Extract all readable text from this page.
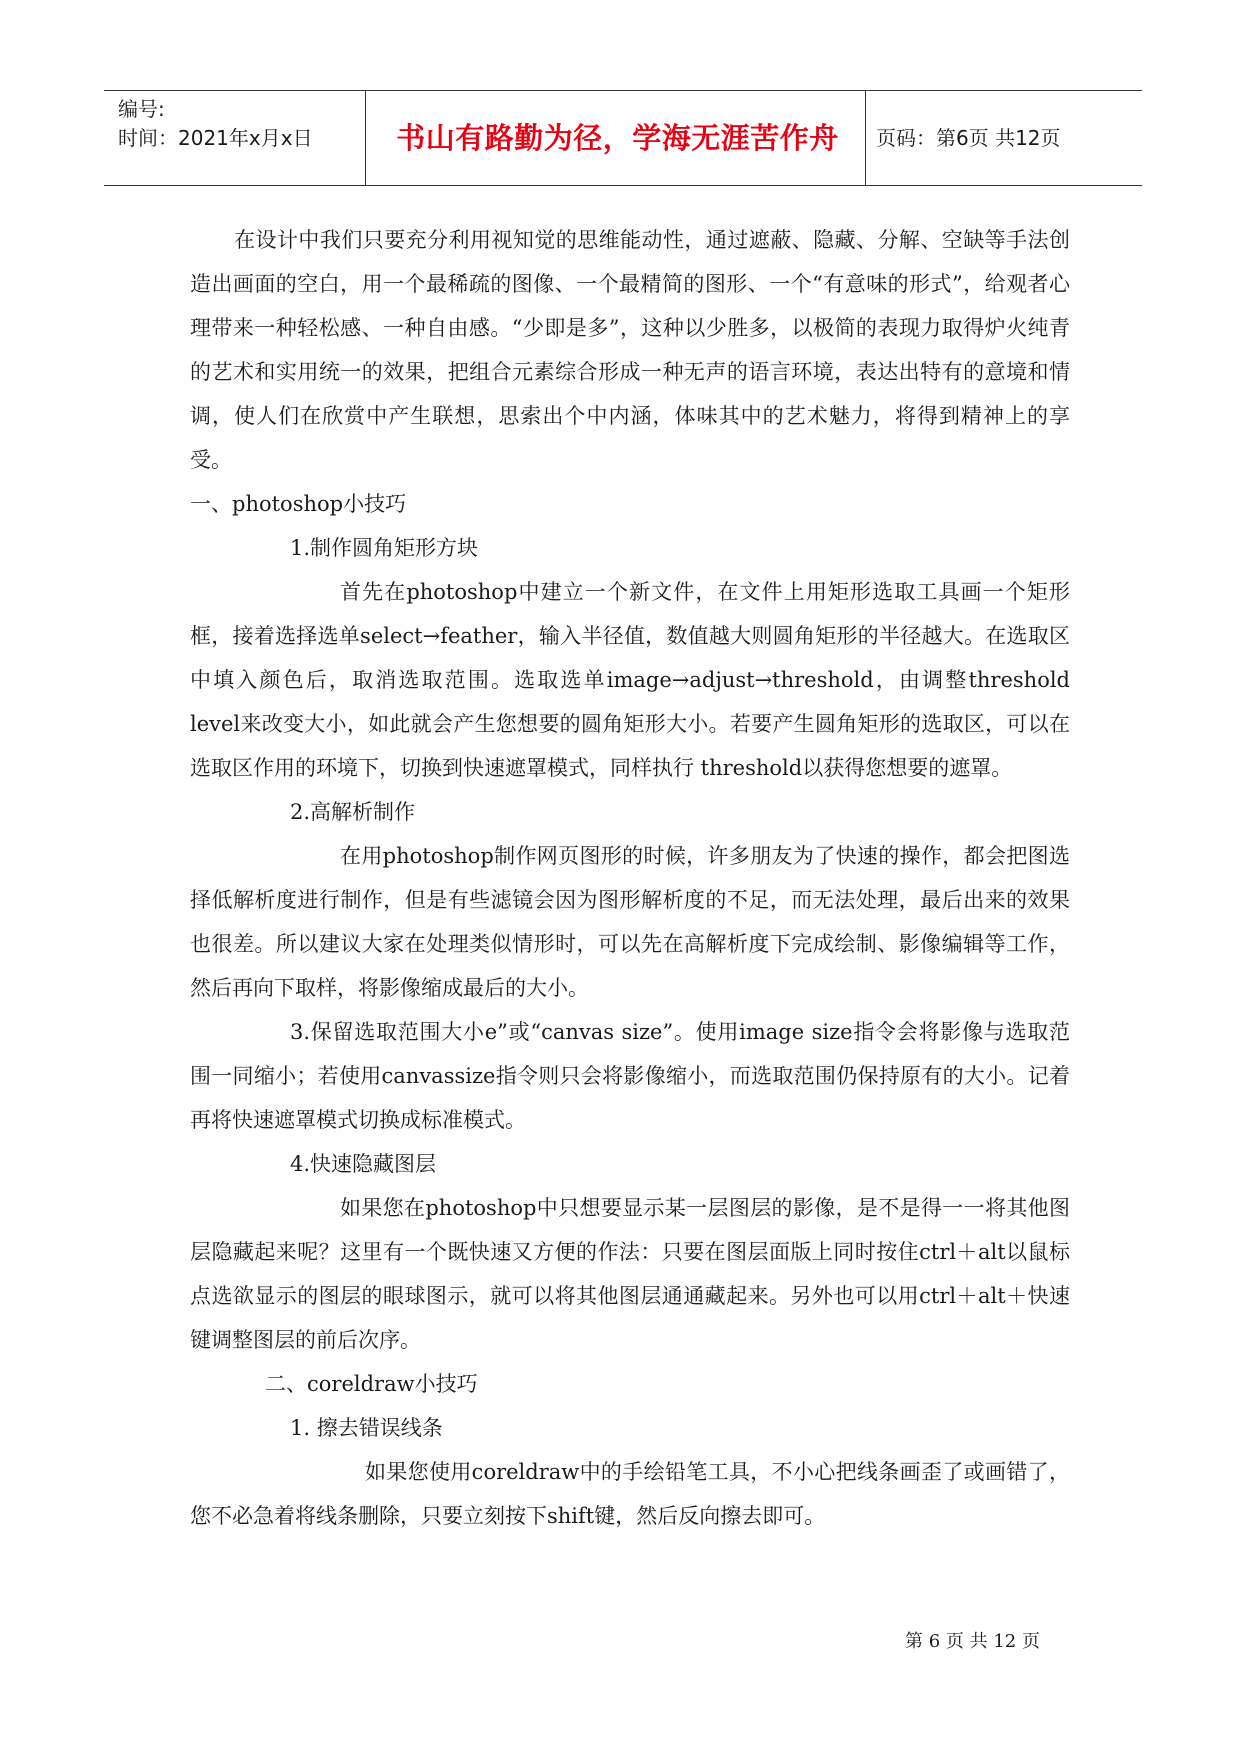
编号:
时间：2021年x月x日	书山有路勤为径，学海无涯苦作舟	页码：第6页 共12页

在设计中我们只要充分利用视知觉的思维能动性，通过遮蔽、隐藏、分解、空缺等手法创造出画面的空白，用一个最稀疏的图像、一个最精简的图形、一个“有意味的形式”，给观者心理带来一种轻松感、一种自由感。“少即是多”，这种以少胜多，以极简的表现力取得炉火纯青的艺术和实用统一的效果，把组合元素综合形成一种无声的语言环境，表达出特有的意境和情调，使人们在欣赏中产生联想，思索出个中内涵，体味其中的艺术魅力，将得到精神上的享受。

一、photoshop小技巧

1.制作圆角矩形方块

首先在photoshop中建立一个新文件，在文件上用矩形选取工具画一个矩形框，接着选择选单select→feather，输入半径值，数值越大则圆角矩形的半径越大。在选取区中填入颜色后，取消选取范围。选取选单image→adjust→threshold，由调整threshold level来改变大小，如此就会产生您想要的圆角矩形大小。若要产生圆角矩形的选取区，可以在选取区作用的环境下，切换到快速遮罩模式，同样执行 threshold以获得您想要的遮罩。

2.高解析制作

在用photoshop制作网页图形的时候，许多朋友为了快速的操作，都会把图选择低解析度进行制作，但是有些滤镜会因为图形解析度的不足，而无法处理，最后出来的效果也很差。所以建议大家在处理类似情形时，可以先在高解析度下完成绘制、影像编辑等工作，然后再向下取样，将影像缩成最后的大小。

3.保留选取范围大小e”或“canvas size”。使用image size指令会将影像与选取范围一同缩小；若使用canvassize指令则只会将影像缩小，而选取范围仍保持原有的大小。记着再将快速遮罩模式切换成标准模式。

4.快速隐藏图层

如果您在photoshop中只想要显示某一层图层的影像，是不是得一一将其他图层隐藏起来呢？这里有一个既快速又方便的作法：只要在图层面版上同时按住ctrl＋alt以鼠标点选欲显示的图层的眼球图示，就可以将其他图层通通藏起来。另外也可以用ctrl＋alt＋快速键调整图层的前后次序。

二、coreldraw小技巧

1. 擦去错误线条

如果您使用coreldraw中的手绘铅笔工具，不小心把线条画歪了或画错了，您不必急着将线条删除，只要立刻按下shift键，然后反向擦去即可。

第 6 页 共 12 页
